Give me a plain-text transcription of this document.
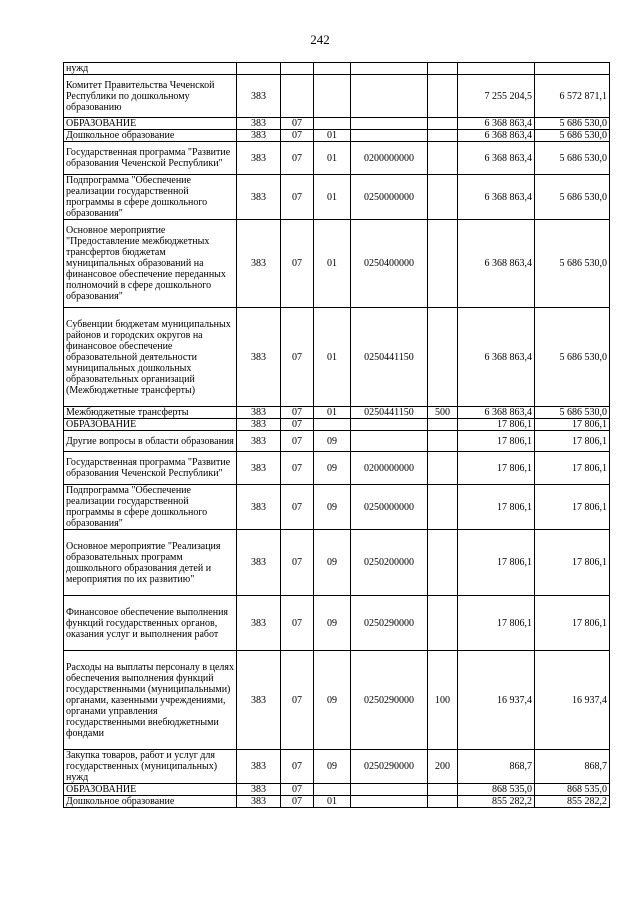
242
нужд							
Комитет Правительства Чеченской Республики по дошкольному образованию	383					7 255 204,5	6 572 871,1
ОБРАЗОВАНИЕ	383	07				6 368 863,4	5 686 530,0
Дошкольное образование	383	07	01			6 368 863,4	5 686 530,0
Государственная программа "Развитие образования Чеченской Республики"	383	07	01	0200000000		6 368 863,4	5 686 530,0
Подпрограмма "Обеспечение реализации государственной программы в сфере дошкольного образования"	383	07	01	0250000000		6 368 863,4	5 686 530,0
Основное мероприятие "Предоставление межбюджетных трансфертов бюджетам муниципальных образований на финансовое обеспечение переданных полномочий в сфере дошкольного образования"	383	07	01	0250400000		6 368 863,4	5 686 530,0
Субвенции бюджетам муниципальных районов и городских округов на финансовое обеспечение образовательной деятельности муниципальных дошкольных образовательных организаций (Межбюджетные трансферты)	383	07	01	0250441150		6 368 863,4	5 686 530,0
Межбюджетные трансферты	383	07	01	0250441150	500	6 368 863,4	5 686 530,0
ОБРАЗОВАНИЕ	383	07				17 806,1	17 806,1
Другие вопросы в области образования	383	07	09			17 806,1	17 806,1
Государственная программа "Развитие образования Чеченской Республики"	383	07	09	0200000000		17 806,1	17 806,1
Подпрограмма "Обеспечение реализации государственной программы в сфере дошкольного образования"	383	07	09	0250000000		17 806,1	17 806,1
Основное мероприятие "Реализация образовательных программ дошкольного образования детей и мероприятия по их развитию"	383	07	09	0250200000		17 806,1	17 806,1
Финансовое обеспечение выполнения функций государственных органов, оказания услуг и выполнения работ	383	07	09	0250290000		17 806,1	17 806,1
Расходы на выплаты персоналу в целях обеспечения выполнения функций государственными (муниципальными) органами, казенными учреждениями, органами управления государственными внебюджетными фондами	383	07	09	0250290000	100	16 937,4	16 937,4
Закупка товаров, работ и услуг для государственных (муниципальных) нужд	383	07	09	0250290000	200	868,7	868,7
ОБРАЗОВАНИЕ	383	07				868 535,0	868 535,0
Дошкольное образование	383	07	01			855 282,2	855 282,2
